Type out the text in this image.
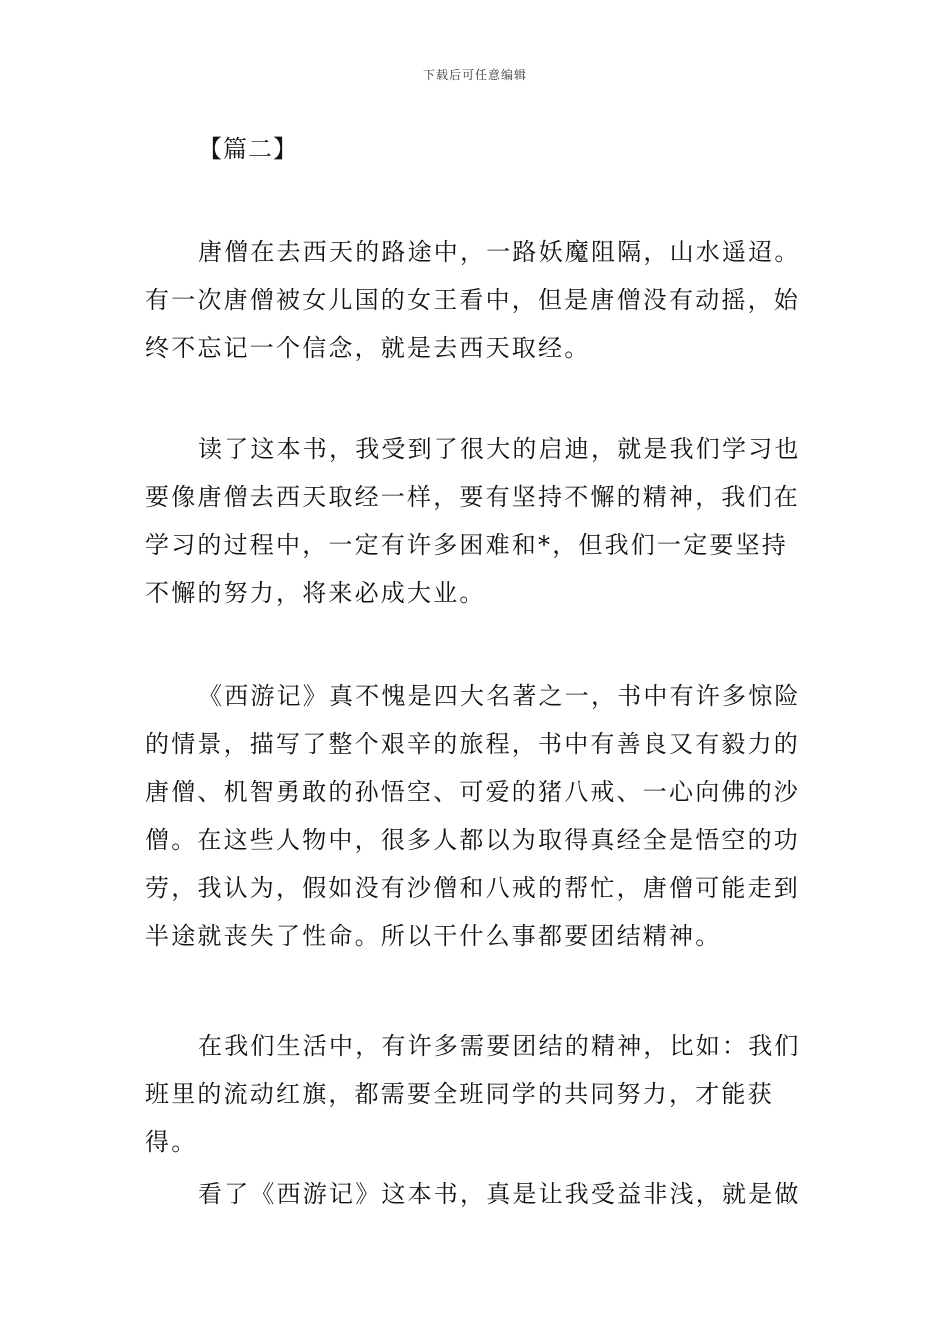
下载后可任意编辑
【篇二】

唐僧在去西天的路途中，一路妖魔阻隔，山水遥迢。有一次唐僧被女儿国的女王看中，但是唐僧没有动摇，始终不忘记一个信念，就是去西天取经。

读了这本书，我受到了很大的启迪，就是我们学习也要像唐僧去西天取经一样，要有坚持不懈的精神，我们在学习的过程中，一定有许多困难和*，但我们一定要坚持不懈的努力，将来必成大业。

《西游记》真不愧是四大名著之一，书中有许多惊险的情景，描写了整个艰辛的旅程，书中有善良又有毅力的唐僧、机智勇敢的孙悟空、可爱的猪八戒、一心向佛的沙僧。在这些人物中，很多人都以为取得真经全是悟空的功劳，我认为，假如没有沙僧和八戒的帮忙，唐僧可能走到半途就丧失了性命。所以干什么事都要团结精神。

在我们生活中，有许多需要团结的精神，比如：我们班里的流动红旗，都需要全班同学的共同努力，才能获得。

看了《西游记》这本书，真是让我受益非浅，就是做
